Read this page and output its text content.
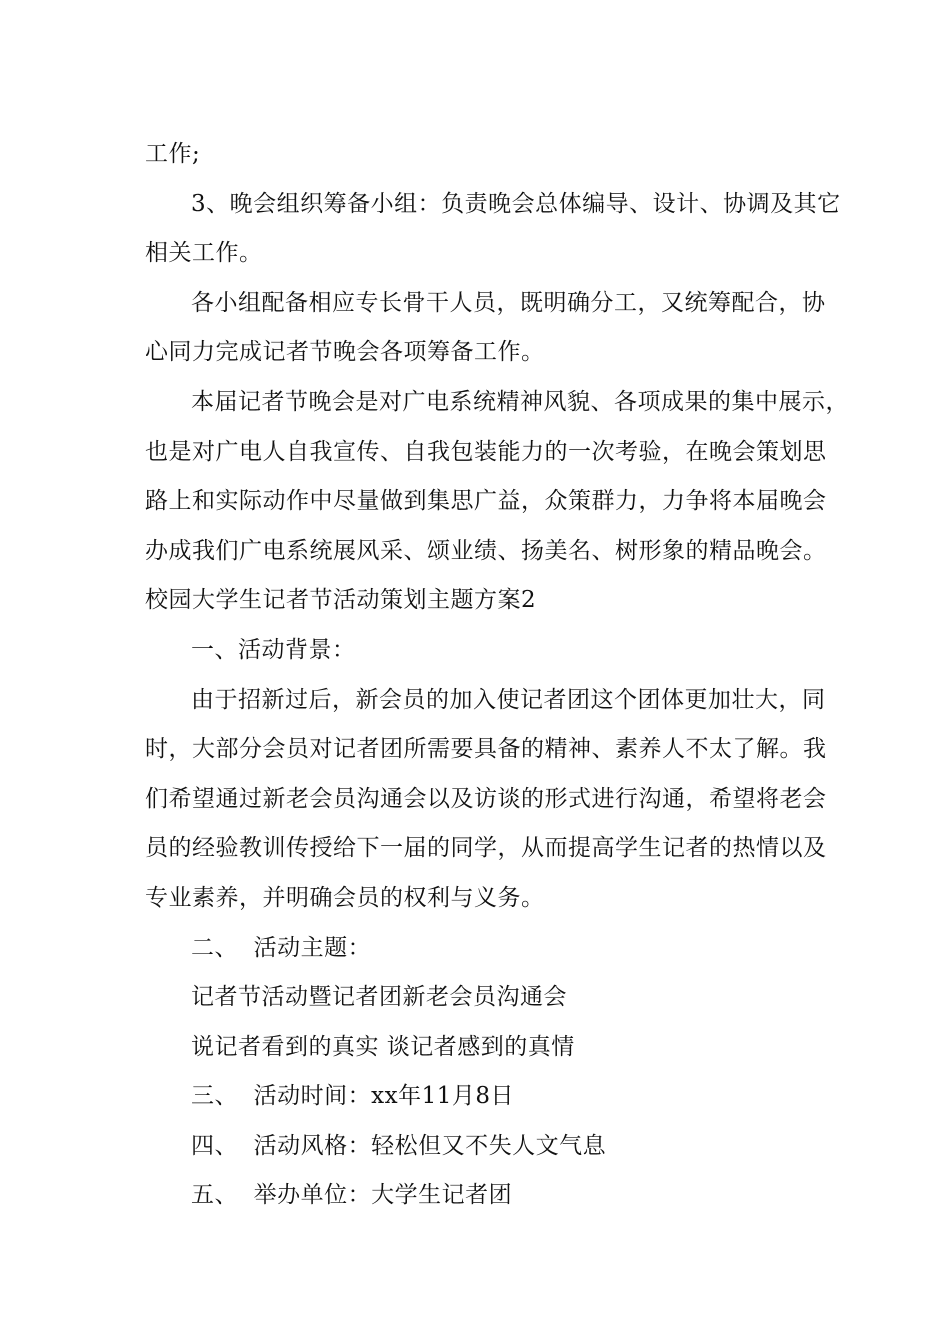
工作;
3、晚会组织筹备小组：负责晚会总体编导、设计、协调及其它
相关工作。
各小组配备相应专长骨干人员，既明确分工，又统筹配合，协
心同力完成记者节晚会各项筹备工作。
本届记者节晚会是对广电系统精神风貌、各项成果的集中展示，
也是对广电人自我宣传、自我包装能力的一次考验，在晚会策划思
路上和实际动作中尽量做到集思广益，众策群力，力争将本届晚会
办成我们广电系统展风采、颂业绩、扬美名、树形象的精品晚会。
校园大学生记者节活动策划主题方案2
一、活动背景：
由于招新过后，新会员的加入使记者团这个团体更加壮大，同
时，大部分会员对记者团所需要具备的精神、素养人不太了解。我
们希望通过新老会员沟通会以及访谈的形式进行沟通，希望将老会
员的经验教训传授给下一届的同学，从而提高学生记者的热情以及
专业素养，并明确会员的权利与义务。
二、  活动主题：
记者节活动暨记者团新老会员沟通会
说记者看到的真实 谈记者感到的真情
三、  活动时间：xx年11月8日
四、  活动风格：轻松但又不失人文气息
五、  举办单位：大学生记者团
